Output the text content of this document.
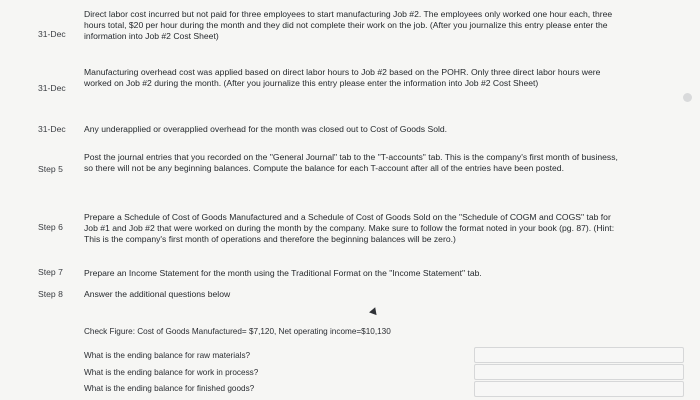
31-Dec
Direct labor cost incurred but not paid for three employees to start manufacturing Job #2. The employees only worked one hour each, three hours total, $20 per hour during the month and they did not complete their work on the job. (After you journalize this entry please enter the information into Job #2 Cost Sheet)
31-Dec
Manufacturing overhead cost was applied based on direct labor hours to Job #2 based on the POHR. Only three direct labor hours were worked on Job #2 during the month. (After you journalize this entry please enter the information into Job #2 Cost Sheet)
31-Dec Any underapplied or overapplied overhead for the month was closed out to Cost of Goods Sold.
Step 5
Post the journal entries that you recorded on the "General Journal" tab to the "T-accounts" tab. This is the company's first month of business, so there will not be any beginning balances. Compute the balance for each T-account after all of the entries have been posted.
Step 6
Prepare a Schedule of Cost of Goods Manufactured and a Schedule of Cost of Goods Sold on the "Schedule of COGM and COGS" tab for Job #1 and Job #2 that were worked on during the month by the company. Make sure to follow the format noted in your book (pg. 87). (Hint: This is the company's first month of operations and therefore the beginning balances will be zero.)
Step 7 Prepare an Income Statement for the month using the Traditional Format on the "Income Statement" tab.
Step 8 Answer the additional questions below
Check Figure: Cost of Goods Manufactured= $7,120, Net operating income=$10,130
What is the ending balance for raw materials?
What is the ending balance for work in process?
What is the ending balance for finished goods?
